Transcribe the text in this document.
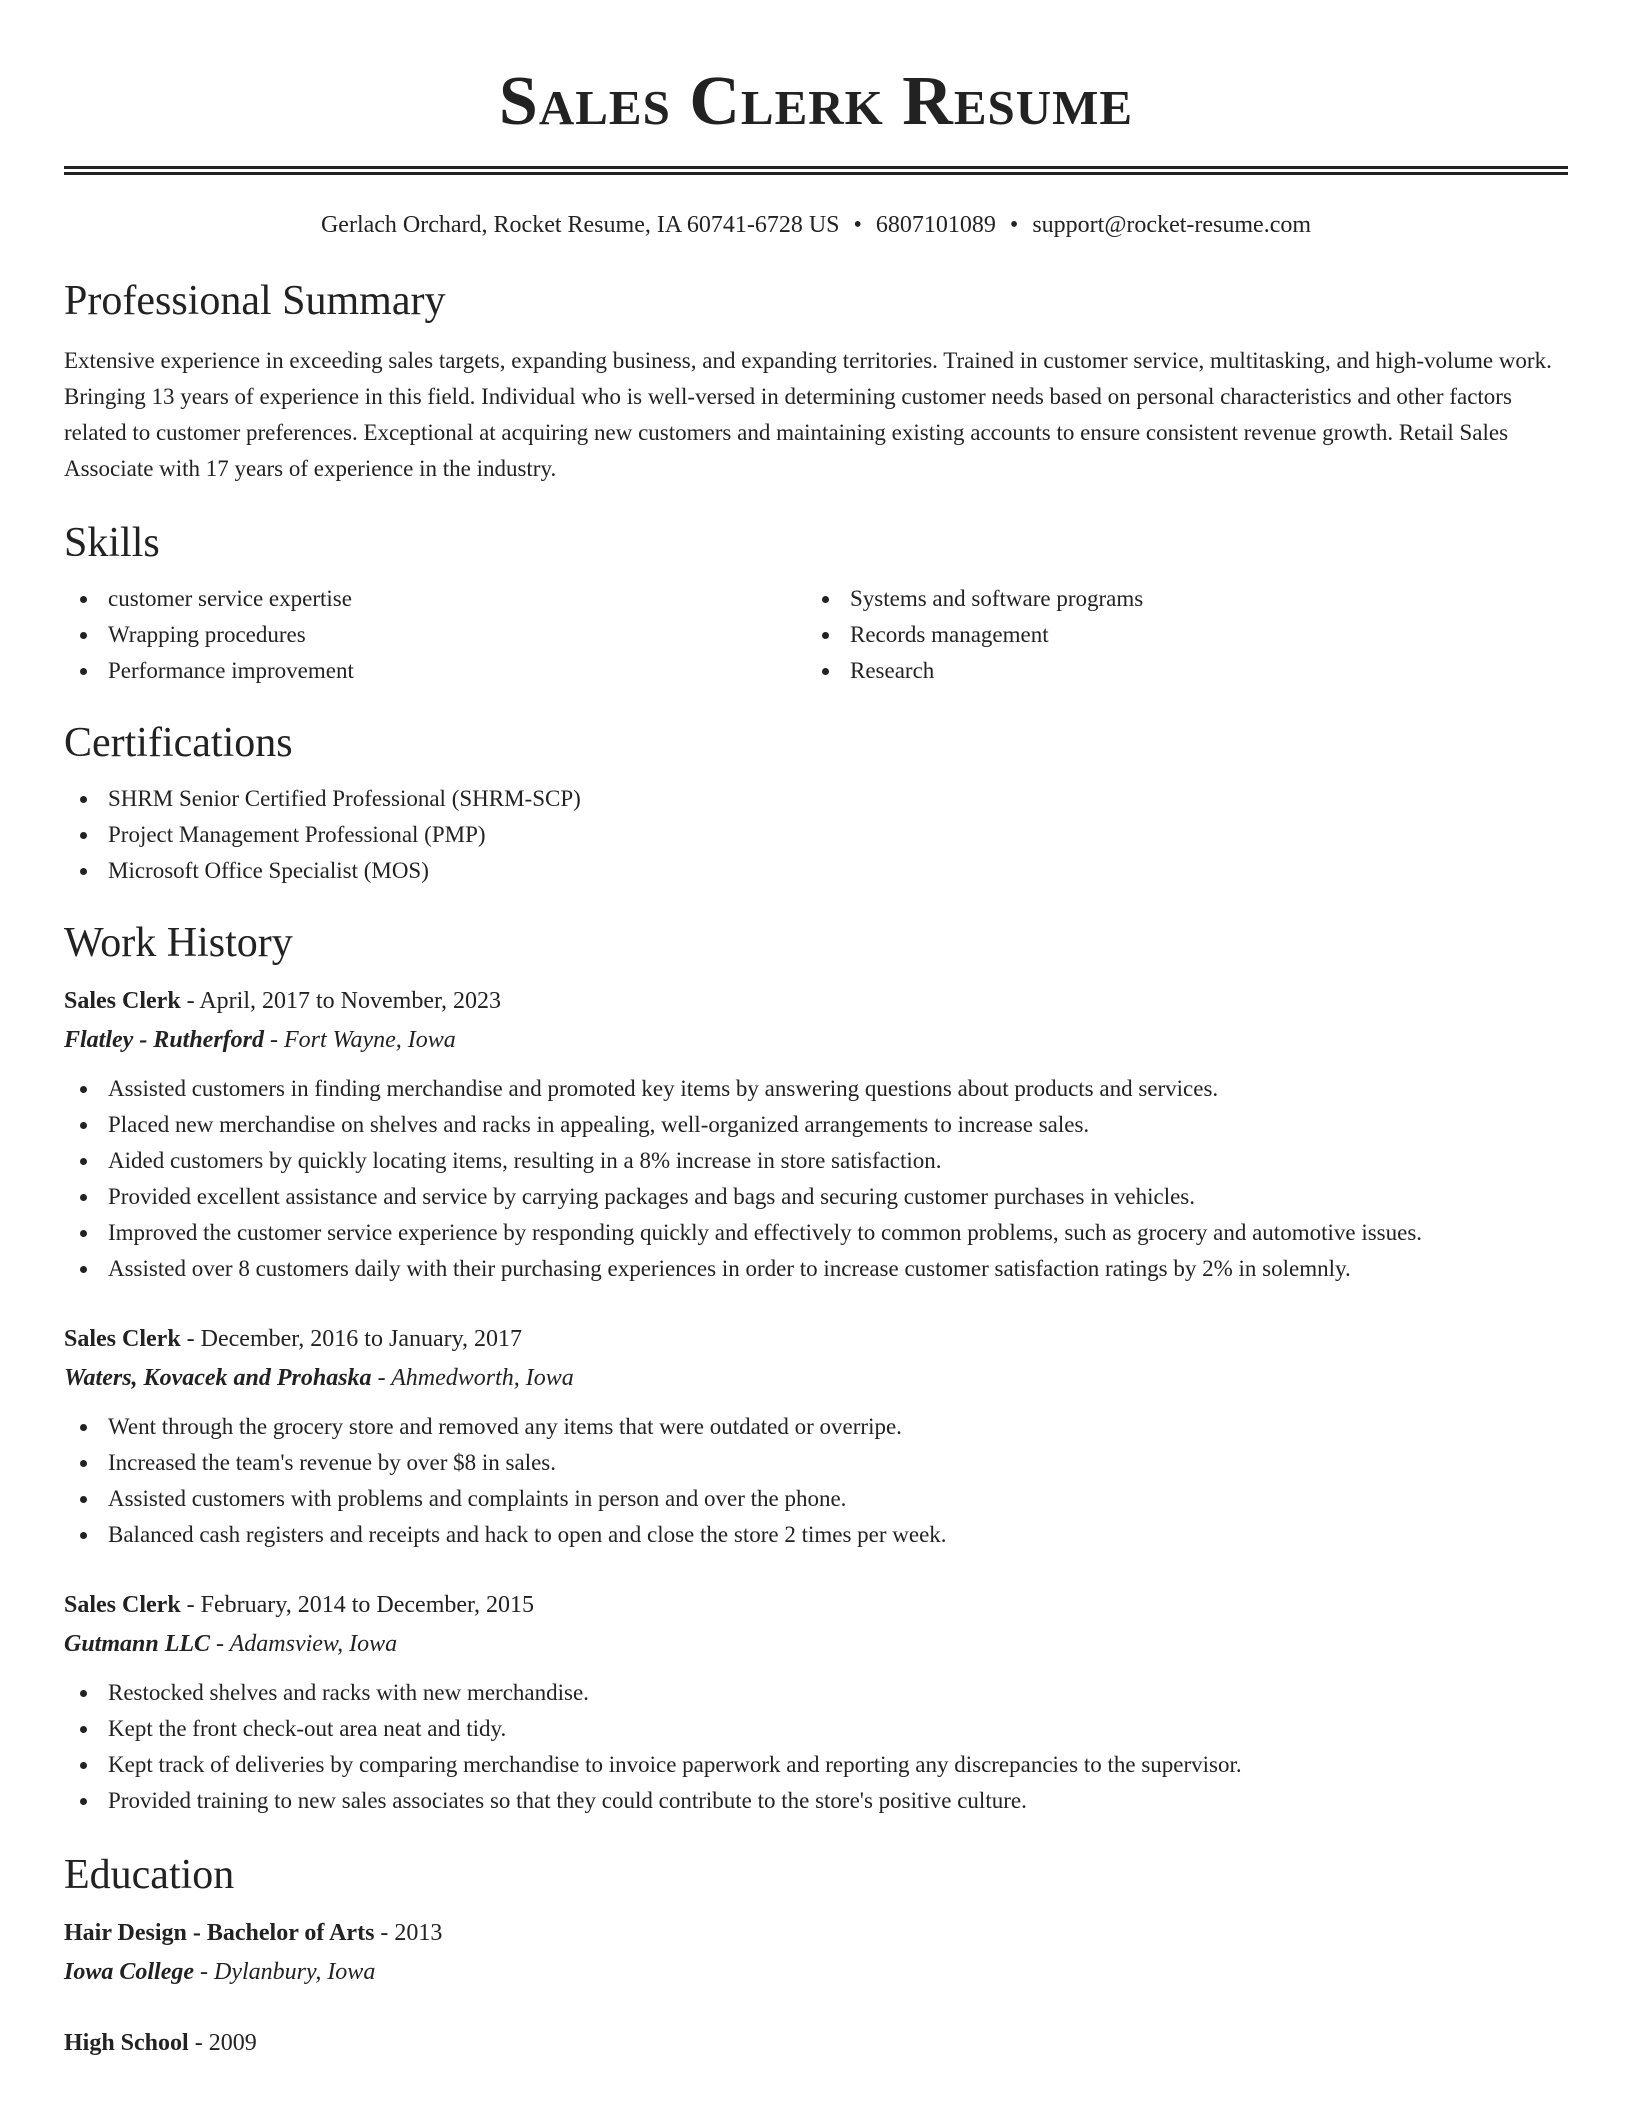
Sales Clerk Resume
Gerlach Orchard, Rocket Resume, IA 60741-6728 US • 6807101089 • support@rocket-resume.com
Professional Summary

Extensive experience in exceeding sales targets, expanding business, and expanding territories. Trained in customer service, multitasking, and high-volume work. Bringing 13 years of experience in this field. Individual who is well-versed in determining customer needs based on personal characteristics and other factors related to customer preferences. Exceptional at acquiring new customers and maintaining existing accounts to ensure consistent revenue growth. Retail Sales Associate with 17 years of experience in the industry.

Skills
customer service expertise
Wrapping procedures
Performance improvement
Systems and software programs
Records management
Research
Certifications
SHRM Senior Certified Professional (SHRM-SCP)
Project Management Professional (PMP)
Microsoft Office Specialist (MOS)
Work History
Sales Clerk - April, 2017 to November, 2023
Flatley - Rutherford - Fort Wayne, Iowa
Assisted customers in finding merchandise and promoted key items by answering questions about products and services.
Placed new merchandise on shelves and racks in appealing, well-organized arrangements to increase sales.
Aided customers by quickly locating items, resulting in a 8% increase in store satisfaction.
Provided excellent assistance and service by carrying packages and bags and securing customer purchases in vehicles.
Improved the customer service experience by responding quickly and effectively to common problems, such as grocery and automotive issues.
Assisted over 8 customers daily with their purchasing experiences in order to increase customer satisfaction ratings by 2% in solemnly.
Sales Clerk - December, 2016 to January, 2017
Waters, Kovacek and Prohaska - Ahmedworth, Iowa
Went through the grocery store and removed any items that were outdated or overripe.
Increased the team's revenue by over $8 in sales.
Assisted customers with problems and complaints in person and over the phone.
Balanced cash registers and receipts and hack to open and close the store 2 times per week.
Sales Clerk - February, 2014 to December, 2015
Gutmann LLC - Adamsview, Iowa
Restocked shelves and racks with new merchandise.
Kept the front check-out area neat and tidy.
Kept track of deliveries by comparing merchandise to invoice paperwork and reporting any discrepancies to the supervisor.
Provided training to new sales associates so that they could contribute to the store's positive culture.
Education
Hair Design - Bachelor of Arts - 2013
Iowa College - Dylanbury, Iowa
High School - 2009
